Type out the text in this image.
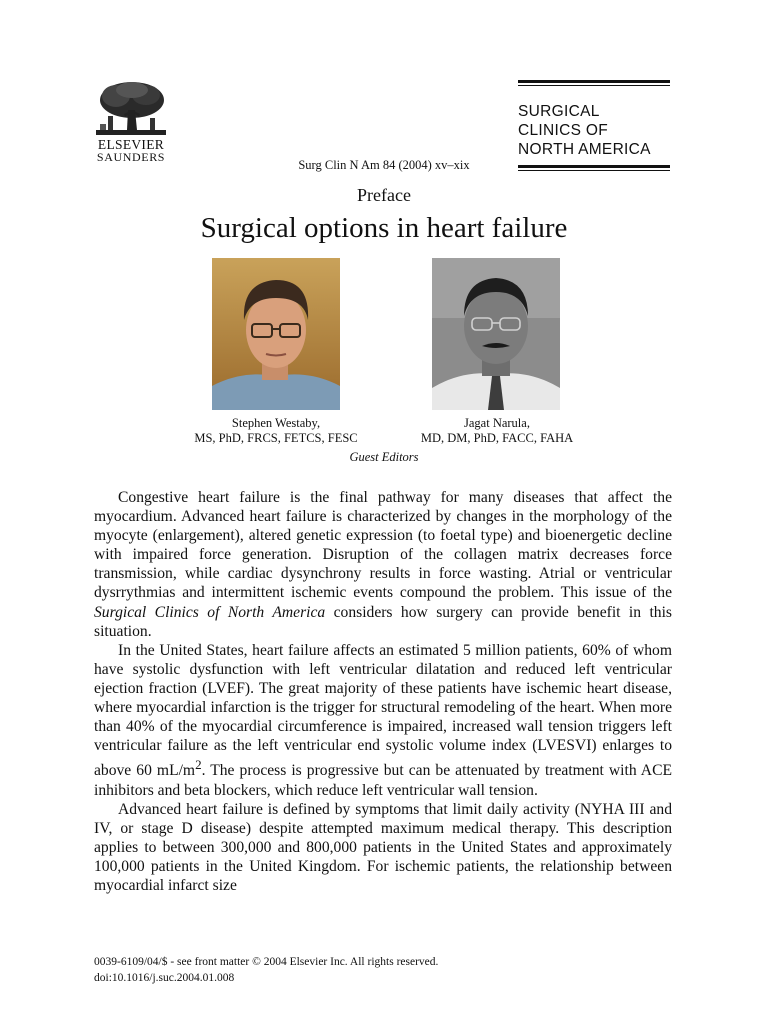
ELSEVIER
SAUNDERS
SURGICAL
CLINICS OF
NORTH AMERICA
Surg Clin N Am 84 (2004) xv–xix
Preface
Surgical options in heart failure
Stephen Westaby,
MS, PhD, FRCS, FETCS, FESC
Jagat Narula,
MD, DM, PhD, FACC, FAHA
Guest Editors

Congestive heart failure is the final pathway for many diseases that affect the myocardium. Advanced heart failure is characterized by changes in the morphology of the myocyte (enlargement), altered genetic expression (to foetal type) and bioenergetic decline with impaired force generation. Disruption of the collagen matrix decreases force transmission, while cardiac dysynchrony results in force wasting. Atrial or ventricular dysrrythmias and intermittent ischemic events compound the problem. This issue of the Surgical Clinics of North America considers how surgery can provide benefit in this situation.

In the United States, heart failure affects an estimated 5 million patients, 60% of whom have systolic dysfunction with left ventricular dilatation and reduced left ventricular ejection fraction (LVEF). The great majority of these patients have ischemic heart disease, where myocardial infarction is the trigger for structural remodeling of the heart. When more than 40% of the myocardial circumference is impaired, increased wall tension triggers left ventricular failure as the left ventricular end systolic volume index (LVESVI) enlarges to above 60 $mL/m^2$. The process is progressive but can be attenuated by treatment with ACE inhibitors and beta blockers, which reduce left ventricular wall tension.

Advanced heart failure is defined by symptoms that limit daily activity (NYHA III and IV, or stage D disease) despite attempted maximum medical therapy. This description applies to between 300,000 and 800,000 patients in the United States and approximately 100,000 patients in the United Kingdom. For ischemic patients, the relationship between myocardial infarct size

0039-6109/04/$ - see front matter © 2004 Elsevier Inc. All rights reserved.
doi:10.1016/j.suc.2004.01.008
